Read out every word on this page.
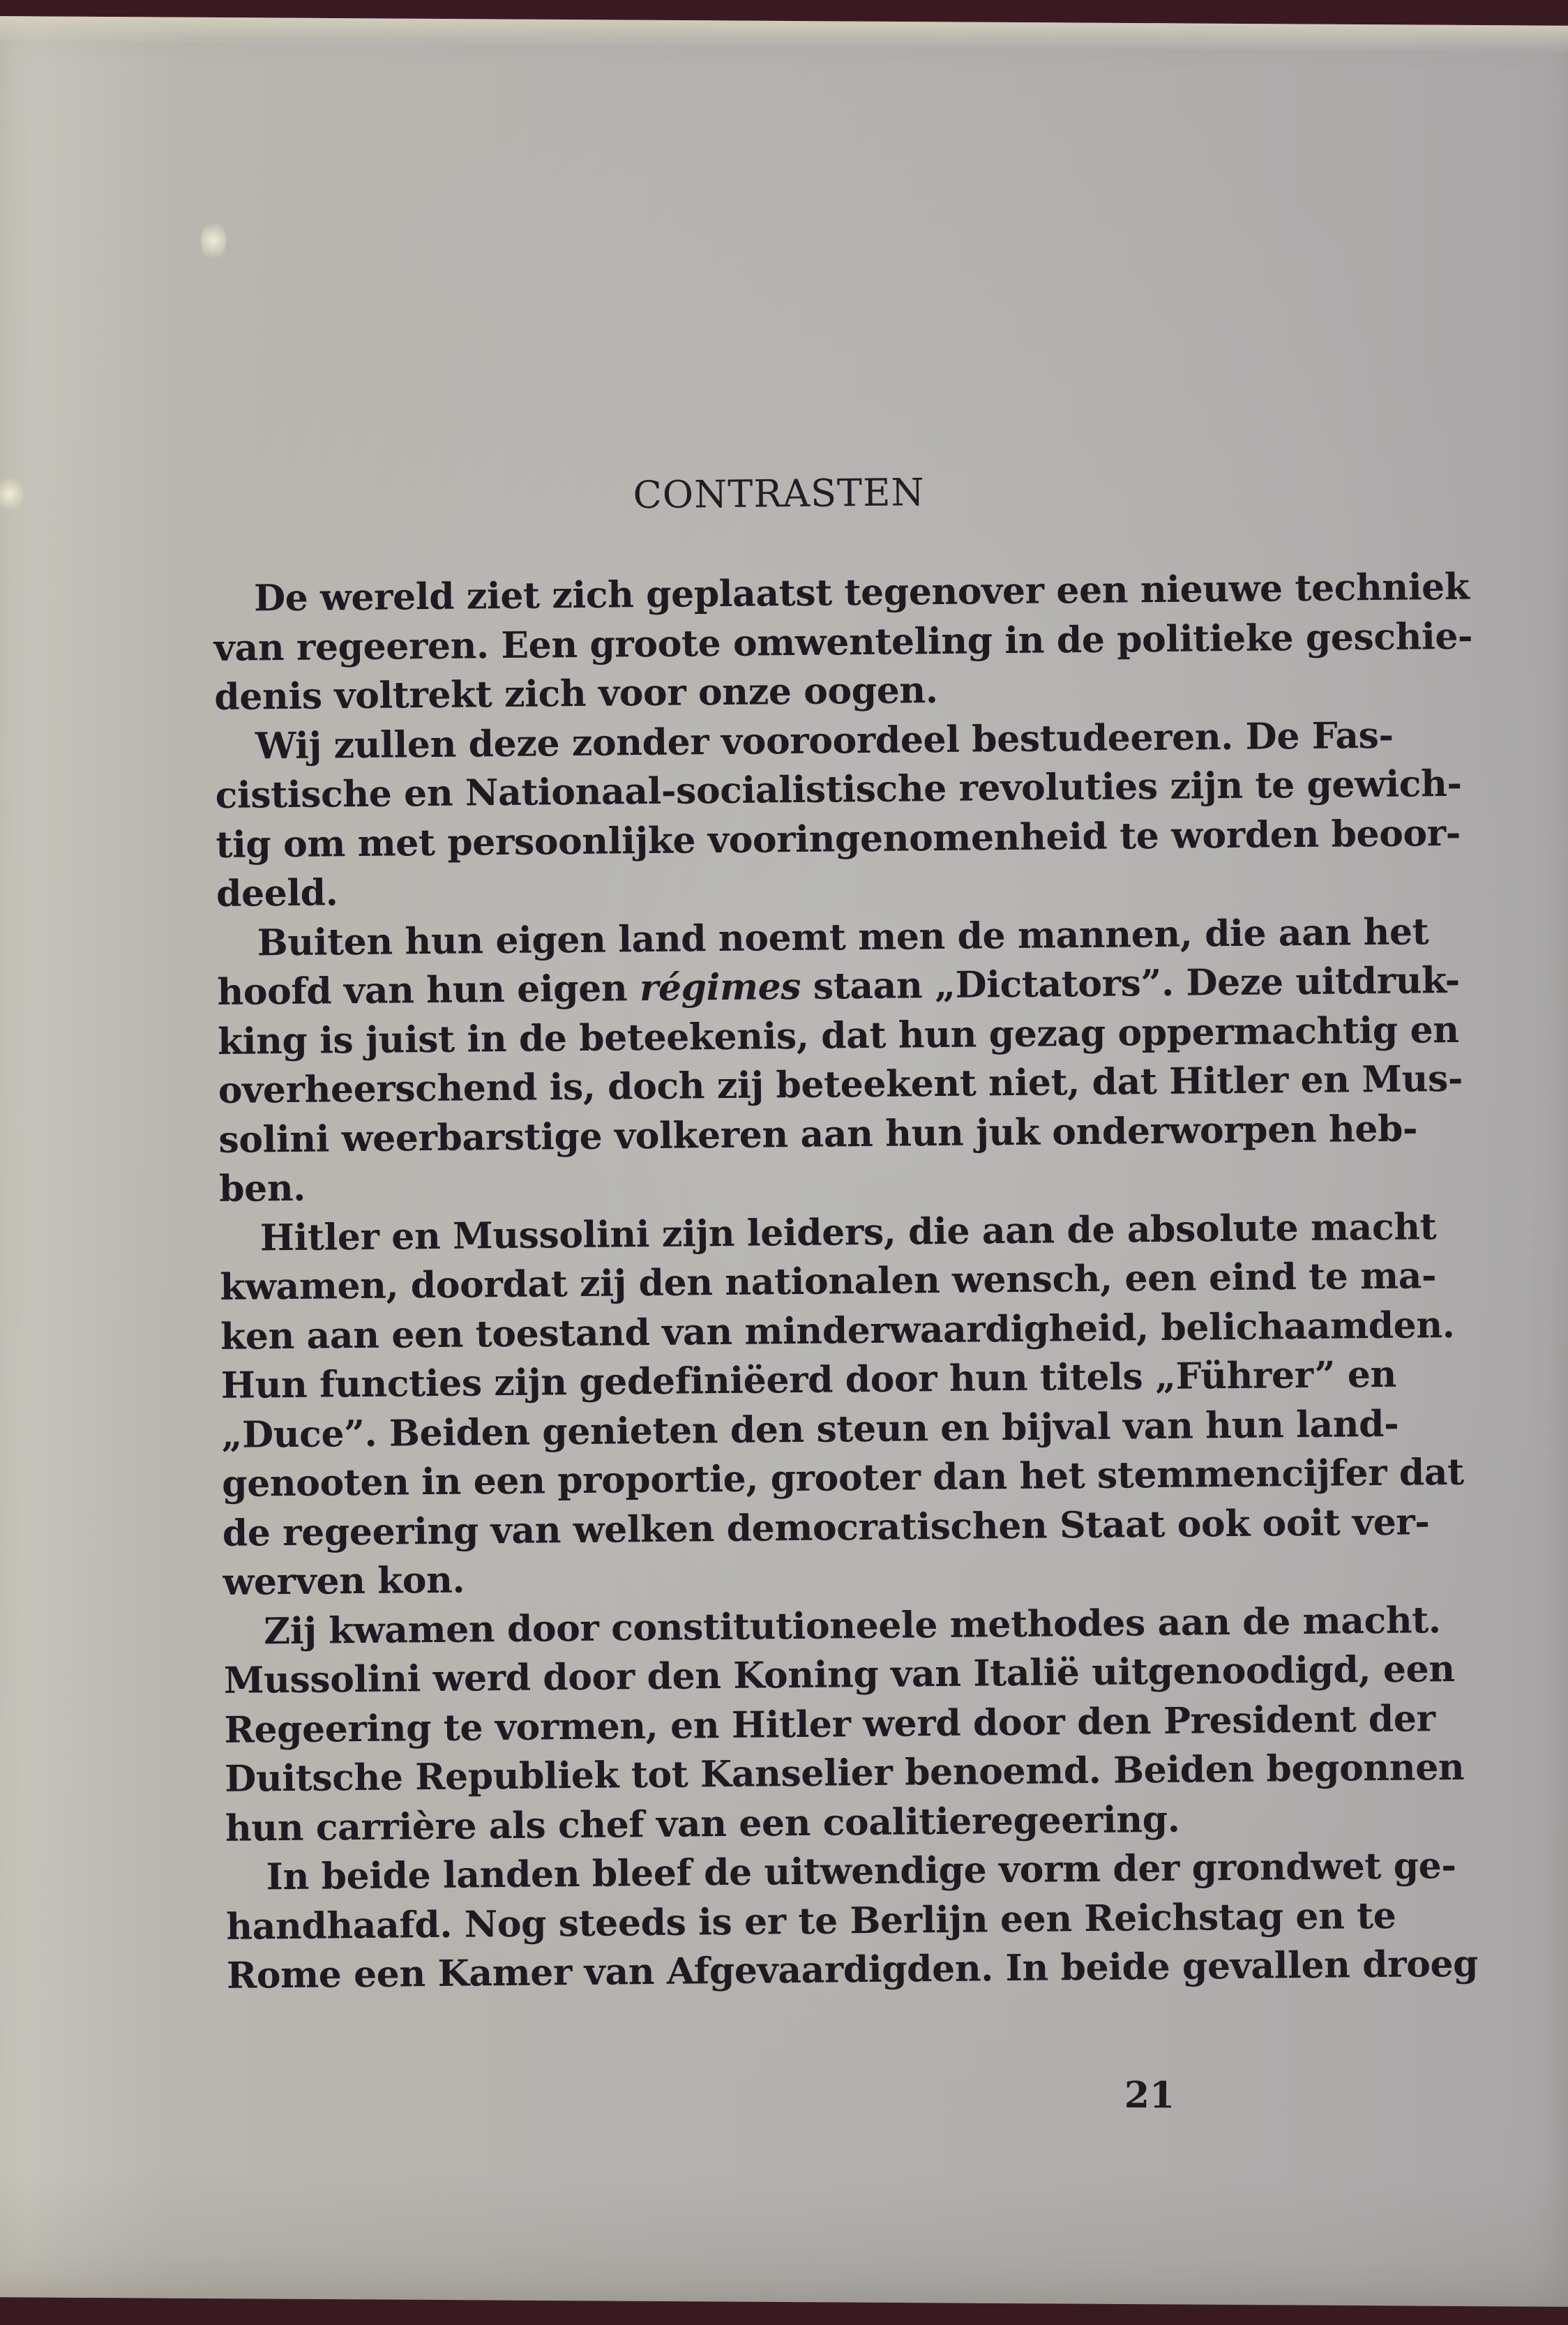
CONTRASTEN

De wereld ziet zich geplaatst tegenover een nieuwe techniek
van regeeren. Een groote omwenteling in de politieke geschie-
denis voltrekt zich voor onze oogen.

Wij zullen deze zonder vooroordeel bestudeeren. De Fas-
cistische en Nationaal-socialistische revoluties zijn te gewich-
tig om met persoonlijke vooringenomenheid te worden beoor-
deeld.

Buiten hun eigen land noemt men de mannen, die aan het
hoofd van hun eigen régimes staan „Dictators”. Deze uitdruk-
king is juist in de beteekenis, dat hun gezag oppermachtig en
overheerschend is, doch zij beteekent niet, dat Hitler en Mus-
solini weerbarstige volkeren aan hun juk onderworpen heb-
ben.

Hitler en Mussolini zijn leiders, die aan de absolute macht
kwamen, doordat zij den nationalen wensch, een eind te ma-
ken aan een toestand van minderwaardigheid, belichaamden.
Hun functies zijn gedefiniëerd door hun titels „Führer” en
„Duce”. Beiden genieten den steun en bijval van hun land-
genooten in een proportie, grooter dan het stemmencijfer dat
de regeering van welken democratischen Staat ook ooit ver-
werven kon.

Zij kwamen door constitutioneele methodes aan de macht.
Mussolini werd door den Koning van Italië uitgenoodigd, een
Regeering te vormen, en Hitler werd door den President der
Duitsche Republiek tot Kanselier benoemd. Beiden begonnen
hun carrière als chef van een coalitieregeering.

In beide landen bleef de uitwendige vorm der grondwet ge-
handhaafd. Nog steeds is er te Berlijn een Reichstag en te
Rome een Kamer van Afgevaardigden. In beide gevallen droeg

21
